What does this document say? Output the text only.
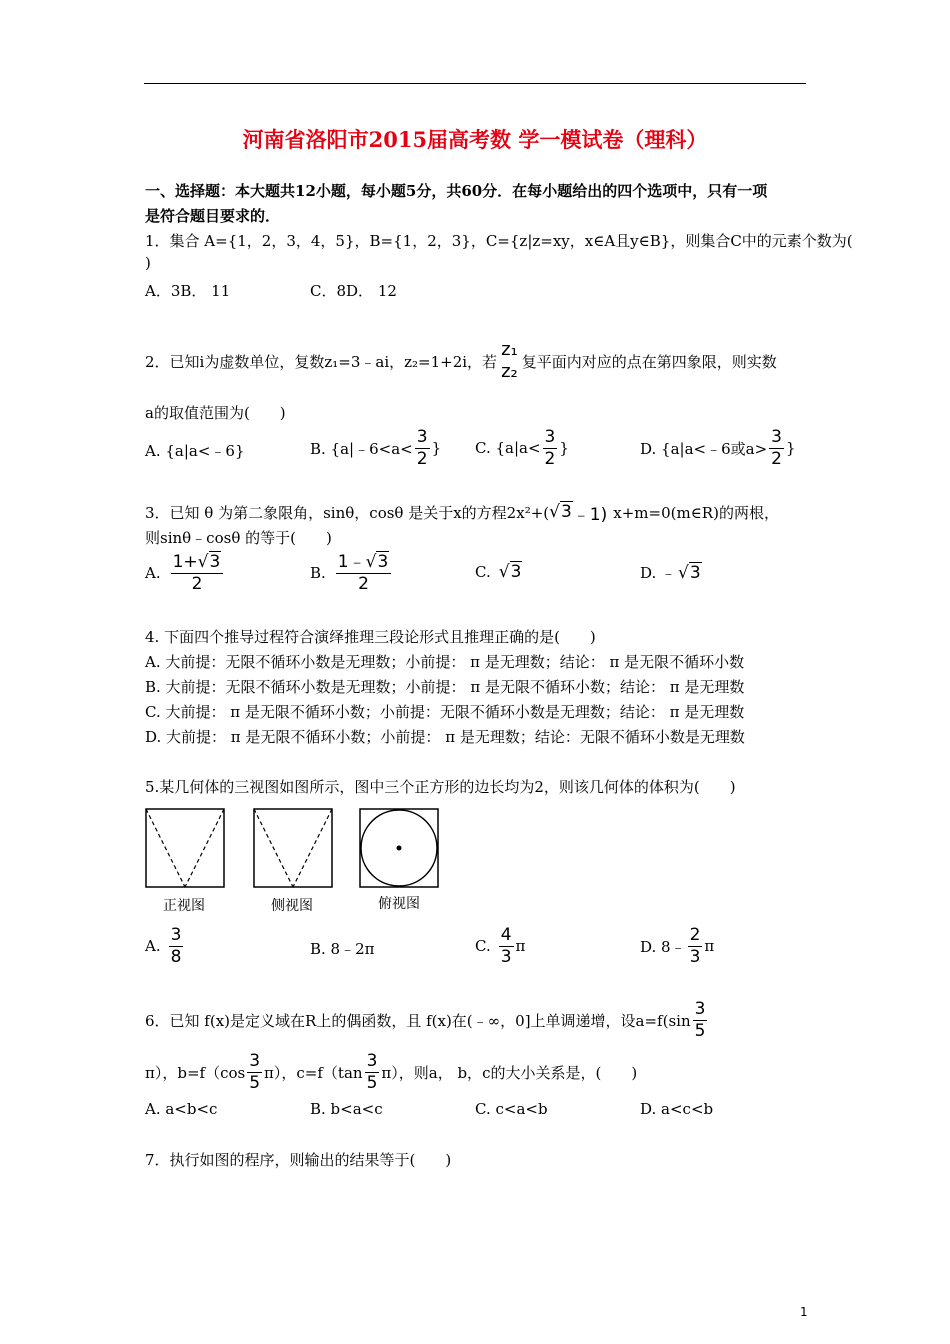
河南省洛阳市2015届高考数 学一模试卷（理科）
一、选择题：本大题共12小题，每小题5分，共60分．在每小题给出的四个选项中，只有一项
是符合题目要求的．
1．集合 A={1，2，3，4，5}，B={1，2，3}，C={z|z=xy，x∈A且y∈B}，则集合C中的元素个数为(
)
A．3B． 11	C．8D． 12
2．已知i为虚数单位，复数z₁=3﹣ai，z₂=1+2i，若
z₁
z₂ 复平面内对应的点在第四象限，则实数
a的取值范围为(　　)
A. {a|a<﹣6}	B. {a|﹣6<a< $\frac{3}{2}$ } C. {$a|a< \frac{3}{2}$ }	D. {a|a<﹣6或$a> \frac{3}{2}$ }
3．已知 θ 为第二象限角，sinθ，cosθ 是关于x的方程2x²+( √3 ﹣1) x+m=0(m∈R)的两根，
则sinθ﹣cosθ 的等于(　　)
A. $\frac{1+√3}{2}$	B. $\frac{1﹣√3}{2}$	C. √3	D. ﹣ √3
4. 下面四个推导过程符合演绎推理三段论形式且推理正确的是(　　)
A. 大前提：无限不循环小数是无理数；小前提： π 是无理数；结论： π 是无限不循环小数
B. 大前提：无限不循环小数是无理数；小前提： π 是无限不循环小数；结论： π 是无理数
C. 大前提： π 是无限不循环小数；小前提：无限不循环小数是无理数；结论： π 是无理数
D. 大前提： π 是无限不循环小数；小前提： π 是无理数；结论：无限不循环小数是无理数
5.某几何体的三视图如图所示，图中三个正方形的边长均为2，则该几何体的体积为(　　)
正视图	侧视图	俯视图
A. $\frac{3}{8}$	B. 8﹣2π	C. $\frac{4}{3}$ π	D. 8﹣ $\frac{2}{3}$ π
6．已知 f(x)是定义域在R上的偶函数，且 f(x)在(﹣∞，0]上单调递增，设$a=f(\sin \frac{3}{5}$
π），$b=f(\cos \frac{3}{5} \pi)$，$c=f(\tan \frac{3}{5} \pi)$，则a， b，c的大小关系是，(　　)
A. a<b<c	B. b<a<c	C. c<a<b	D. a<c<b
7．执行如图的程序，则输出的结果等于(　　)
1
